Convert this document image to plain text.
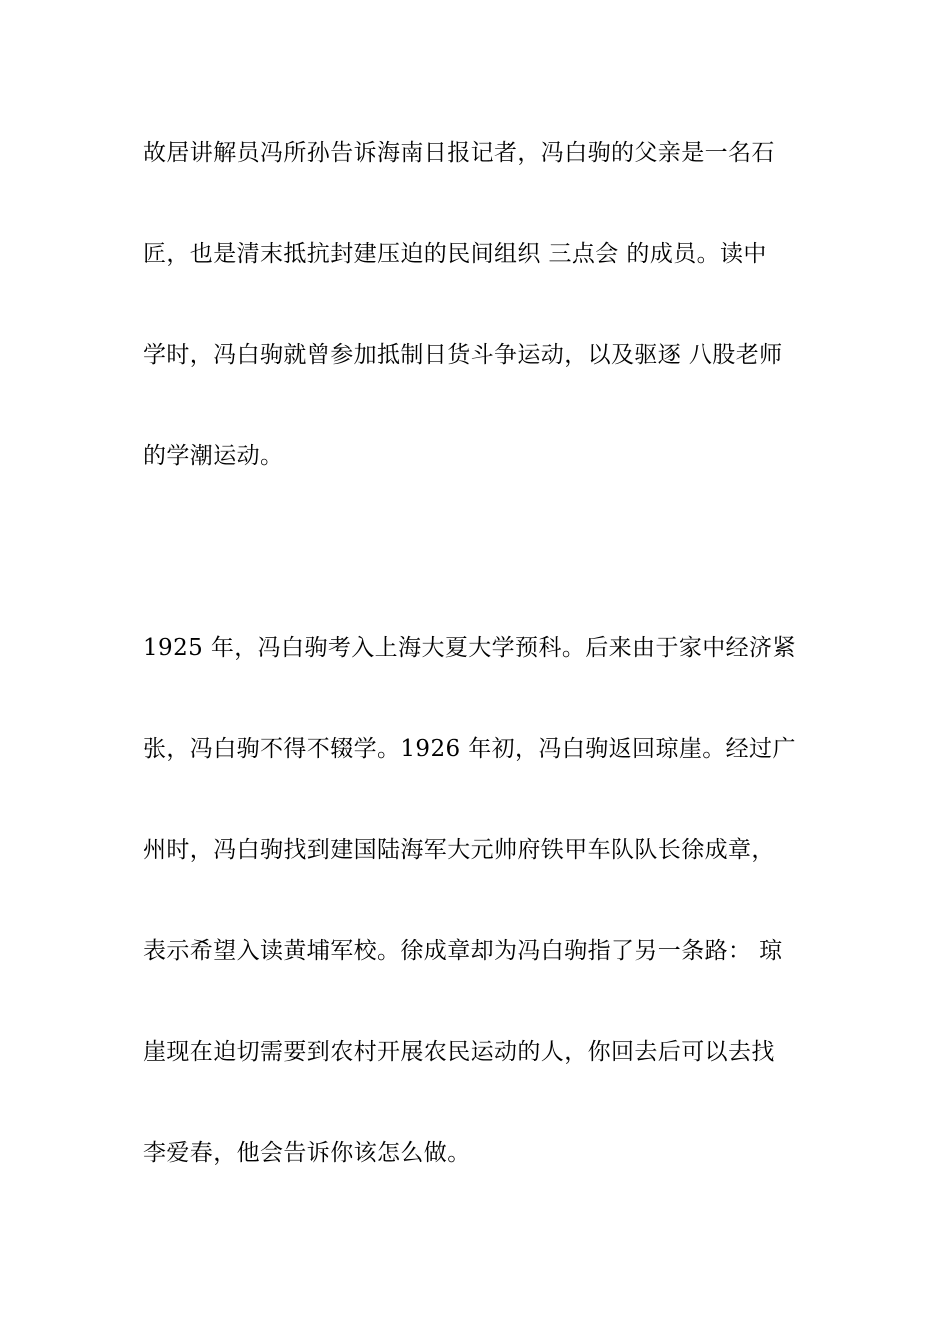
故居讲解员冯所孙告诉海南日报记者，冯白驹的父亲是一名石
匠，也是清末抵抗封建压迫的民间组织 三点会 的成员。读中
学时，冯白驹就曾参加抵制日货斗争运动，以及驱逐 八股老师
的学潮运动。
1925 年，冯白驹考入上海大夏大学预科。后来由于家中经济紧
张，冯白驹不得不辍学。1926 年初，冯白驹返回琼崖。经过广
州时，冯白驹找到建国陆海军大元帅府铁甲车队队长徐成章，
表示希望入读黄埔军校。徐成章却为冯白驹指了另一条路： 琼
崖现在迫切需要到农村开展农民运动的人，你回去后可以去找
李爱春，他会告诉你该怎么做。
